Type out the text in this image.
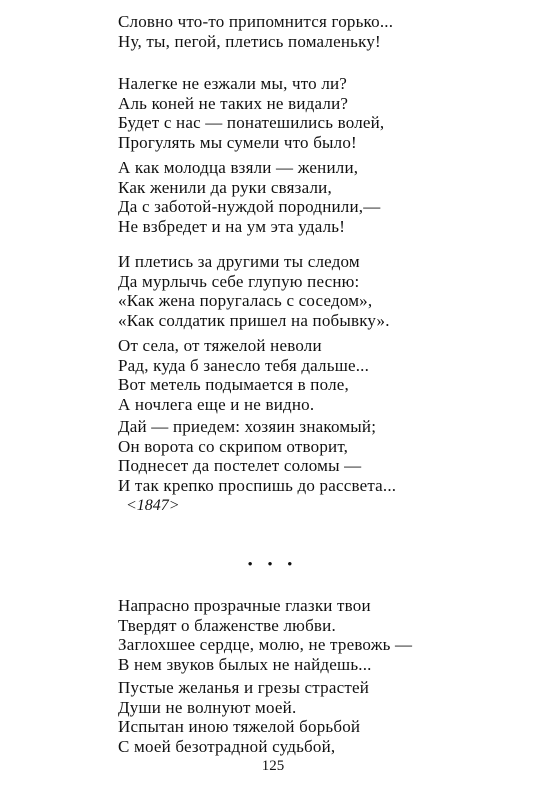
Словно что-то припомнится горько...
Ну, ты, пегой, плетись помаленьку!
Налегке не езжали мы, что ли?
Аль коней не таких не видали?
Будет с нас — понатешились волей,
Прогулять мы сумели что было!
А как молодца взяли — женили,
Как женили да руки связали,
Да с заботой-нуждой породнили,—
Не взбредет и на ум эта удаль!
И плетись за другими ты следом
Да мурлычь себе глупую песню:
«Как жена поругалась с соседом»,
«Как солдатик пришел на побывку».
От села, от тяжелой неволи
Рад, куда б занесло тебя дальше...
Вот метель подымается в поле,
А ночлега еще и не видно.
Дай — приедем: хозяин знакомый;
Он ворота со скрипом отворит,
Поднесет да постелет соломы —
И так крепко проспишь до рассвета...
<1847>
• • •
Напрасно прозрачные глазки твои
Твердят о блаженстве любви.
Заглохшее сердце, молю, не тревожь —
В нем звуков былых не найдешь...
Пустые желанья и грезы страстей
Души не волнуют моей.
Испытан иною тяжелой борьбой
С моей безотрадной судьбой,
125
